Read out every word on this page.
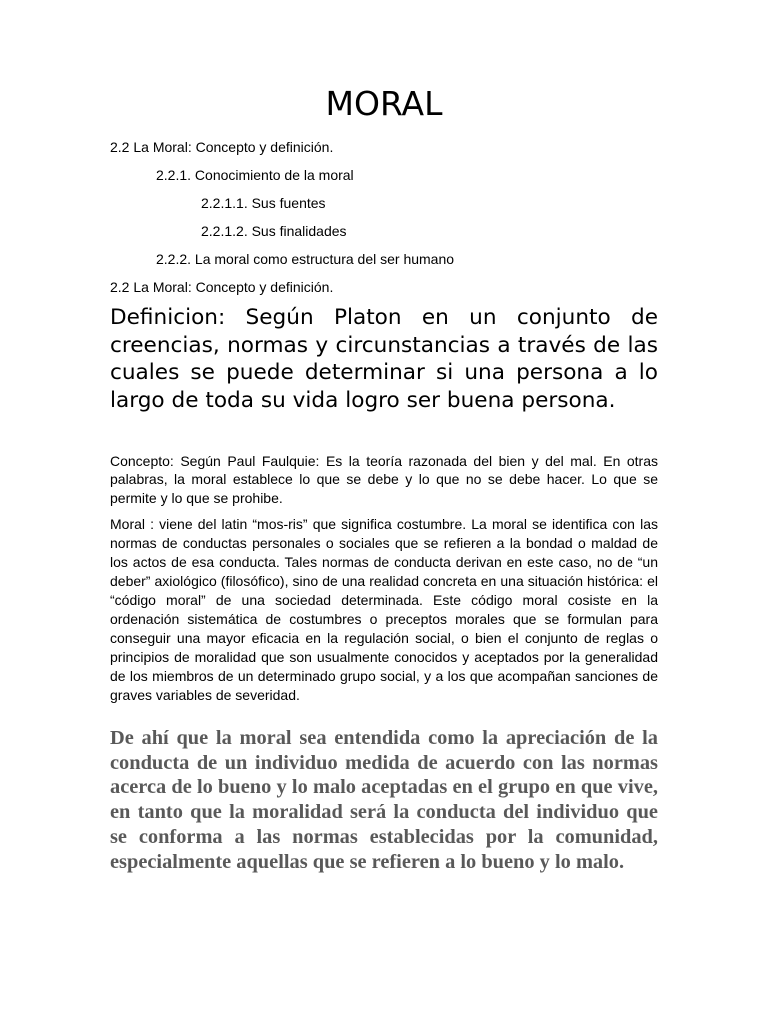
MORAL
2.2 La Moral: Concepto y definición.
2.2.1. Conocimiento de la moral
2.2.1.1. Sus fuentes
2.2.1.2. Sus finalidades
2.2.2. La moral como estructura del ser humano
2.2 La Moral: Concepto y definición.

Definicion: Según Platon en un conjunto de creencias, normas y circunstancias a través de las cuales se puede determinar si una persona a lo largo de toda su vida logro ser buena persona.

Concepto: Según Paul Faulquie: Es la teoría razonada del bien y del mal. En otras palabras, la moral establece lo que se debe y lo que no se debe hacer. Lo que se permite y lo que se prohibe.

Moral : viene del latin “mos-ris” que significa costumbre. La moral se identifica con las normas de conductas personales o sociales que se refieren a la bondad o maldad de los actos de esa conducta. Tales normas de conducta derivan en este caso, no de “un deber” axiológico (filosófico), sino de una realidad concreta en una situación histórica: el “código moral” de una sociedad determinada. Este código moral cosiste en la ordenación sistemática de costumbres o preceptos morales que se formulan para conseguir una mayor eficacia en la regulación social, o bien el conjunto de reglas o principios de moralidad que son usualmente conocidos y aceptados por la generalidad de los miembros de un determinado grupo social, y a los que acompañan sanciones de graves variables de severidad.

De ahí que la moral sea entendida como la apreciación de la conducta de un individuo medida de acuerdo con las normas acerca de lo bueno y lo malo aceptadas en el grupo en que vive, en tanto que la moralidad será la conducta del individuo que se conforma a las normas establecidas por la comunidad, especialmente aquellas que se refieren a lo bueno y lo malo.
